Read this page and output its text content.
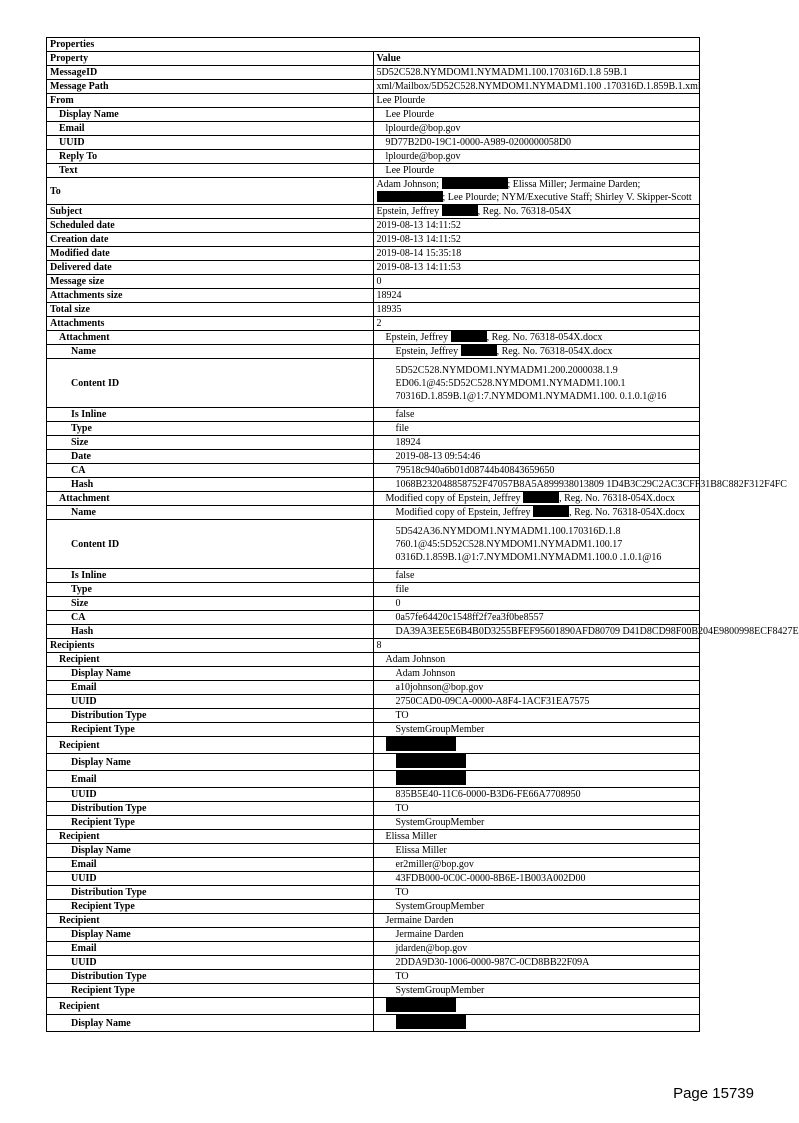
Properties	
Property	Value
MessageID	5D52C528.NYMDOM1.NYMADM1.100.170316D.1.8 59B.1
Message Path	xml/Mailbox/5D52C528.NYMDOM1.NYMADM1.100 .170316D.1.859B.1.xml
From	Lee Plourde
Display Name	Lee Plourde
Email	lplourde@bop.gov
UUID	9D77B2D0-19C1-0000-A989-0200000058D0
Reply To	lplourde@bop.gov
Text	Lee Plourde
To	Adam Johnson; ; Elissa Miller; Jermaine Darden; ; Lee Plourde; NYM/Executive Staff; Shirley V. Skipper-Scott
Subject	Epstein, Jeffrey , Reg. No. 76318-054X
Scheduled date	2019-08-13 14:11:52
Creation date	2019-08-13 14:11:52
Modified date	2019-08-14 15:35:18
Delivered date	2019-08-13 14:11:53
Message size	0
Attachments size	18924
Total size	18935
Attachments	2
Attachment	Epstein, Jeffrey , Reg. No. 76318-054X.docx
Name	Epstein, Jeffrey , Reg. No. 76318-054X.docx
Content ID	5D52C528.NYMDOM1.NYMADM1.200.2000038.1.9
ED06.1@45:5D52C528.NYMDOM1.NYMADM1.100.1
70316D.1.859B.1@1:7.NYMDOM1.NYMADM1.100. 0.1.0.1@16

Is Inline	false
Type	file
Size	18924
Date	2019-08-13 09:54:46
CA	79518c940a6b01d08744b40843659650
Hash	1068B232048858752F47057B8A5A899938013809 1D4B3C29C2AC3CFF31B8C882F312F4FC
Attachment	Modified copy of Epstein, Jeffrey , Reg. No. 76318-054X.docx
Name	Modified copy of Epstein, Jeffrey , Reg. No. 76318-054X.docx
Content ID	5D542A36.NYMDOM1.NYMADM1.100.170316D.1.8
760.1@45:5D52C528.NYMDOM1.NYMADM1.100.17
0316D.1.859B.1@1:7.NYMDOM1.NYMADM1.100.0 .1.0.1@16

Is Inline	false
Type	file
Size	0
CA	0a57fe64420c1548ff2f7ea3f0be8557
Hash	DA39A3EE5E6B4B0D3255BFEF95601890AFD80709 D41D8CD98F00B204E9800998ECF8427E
Recipients	8
Recipient	Adam Johnson
Display Name	Adam Johnson
Email	a10johnson@bop.gov
UUID	2750CAD0-09CA-0000-A8F4-1ACF31EA7575
Distribution Type	TO
Recipient Type	SystemGroupMember
Recipient	
Display Name	
Email	
UUID	835B5E40-11C6-0000-B3D6-FE66A7708950
Distribution Type	TO
Recipient Type	SystemGroupMember
Recipient	Elissa Miller
Display Name	Elissa Miller
Email	er2miller@bop.gov
UUID	43FDB000-0C0C-0000-8B6E-1B003A002D00
Distribution Type	TO
Recipient Type	SystemGroupMember
Recipient	Jermaine Darden
Display Name	Jermaine Darden
Email	jdarden@bop.gov
UUID	2DDA9D30-1006-0000-987C-0CD8BB22F09A
Distribution Type	TO
Recipient Type	SystemGroupMember
Recipient	
Display Name	
Page 15739
